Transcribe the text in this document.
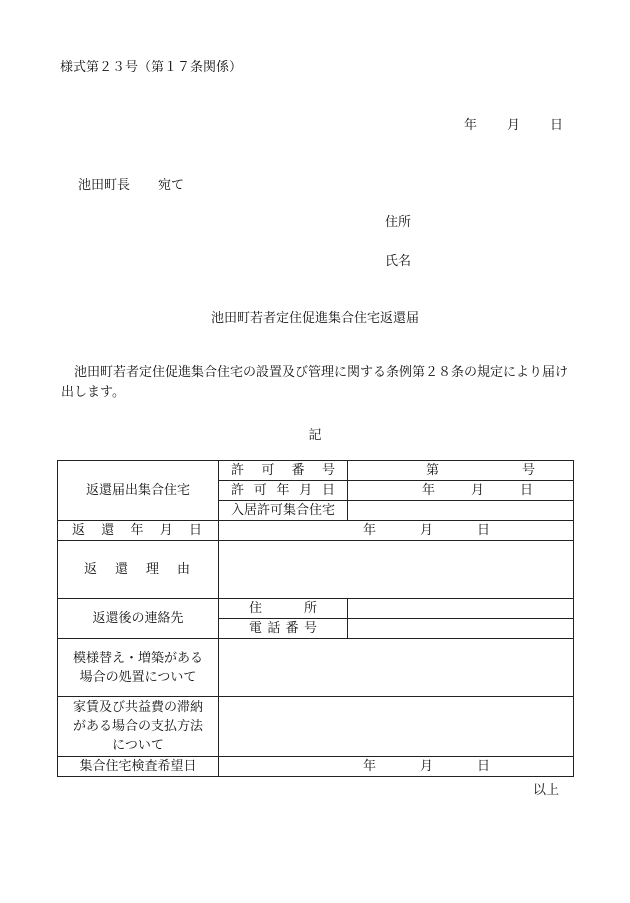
様式第２３号（第１７条関係）
年 月 日
池田町長 宛て
住所
氏名
池田町若者定住促進集合住宅返還届
池田町若者定住促進集合住宅の設置及び管理に関する条例第２８条の規定により届け出します。
記
返還届出集合住宅	許 可 番 号	第 号

	許 可 年 月 日	年 月 日

	入居許可集合住宅	

返 還 年 月 日	年 月 日	

返 還 理 由		

返還後の連絡先	住 所	

	電 話 番 号	

模様替え・増築がある
場合の処置について		

家賃及び共益費の滞納
がある場合の支払方法
について		

集合住宅検査希望日	年 月 日	
以上
